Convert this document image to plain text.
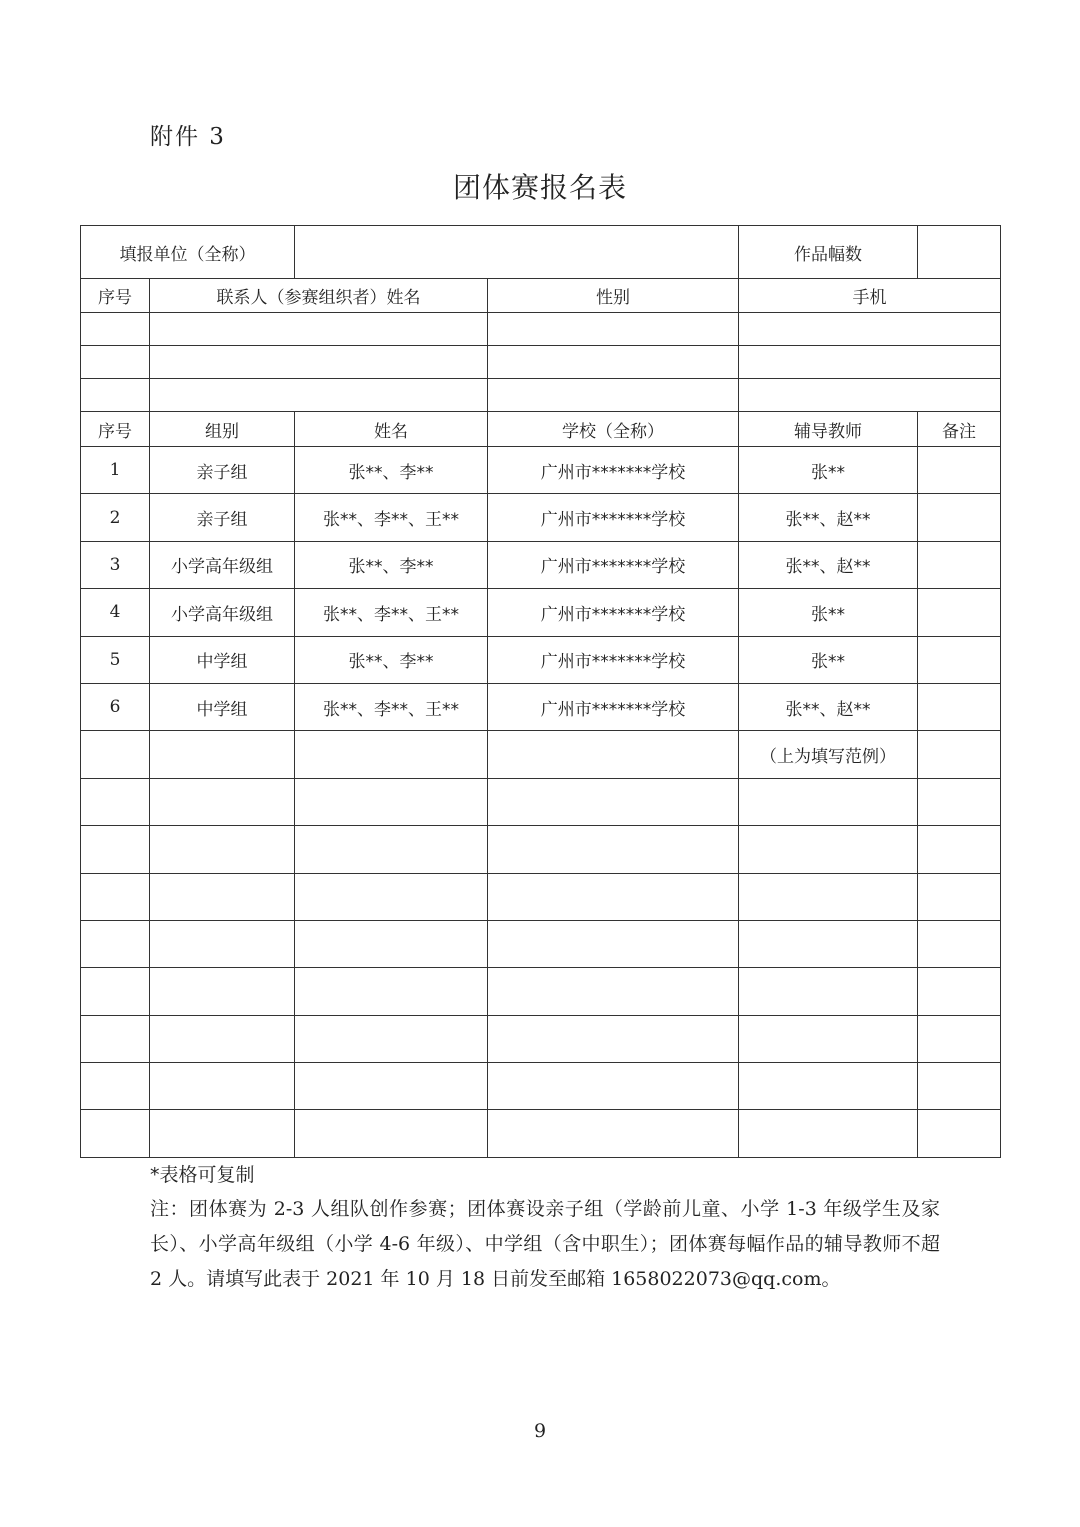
附件 3
团体赛报名表
填报单位（全称）				作品幅数	
序号	联系人（参赛组织者）姓名		性别	手机	

序号	组别	姓名	学校（全称）	辅导教师	备注
1	亲子组	张**、李**	广州市*******学校	张**	
2	亲子组	张**、李**、王**	广州市*******学校	张**、赵**	
3	小学高年级组	张**、李**	广州市*******学校	张**、赵**	
4	小学高年级组	张**、李**、王**	广州市*******学校	张**	
5	中学组	张**、李**	广州市*******学校	张**	
6	中学组	张**、李**、王**	广州市*******学校	张**、赵**	
				（上为填写范例）	

*表格可复制
注：团体赛为 2-3 人组队创作参赛；团体赛设亲子组（学龄前儿童、小学 1-3 年级学生及家长）、小学高年级组（小学 4-6 年级）、中学组（含中职生）；团体赛每幅作品的辅导教师不超 2 人。请填写此表于 2021 年 10 月 18 日前发至邮箱 1658022073@qq.com。
9
